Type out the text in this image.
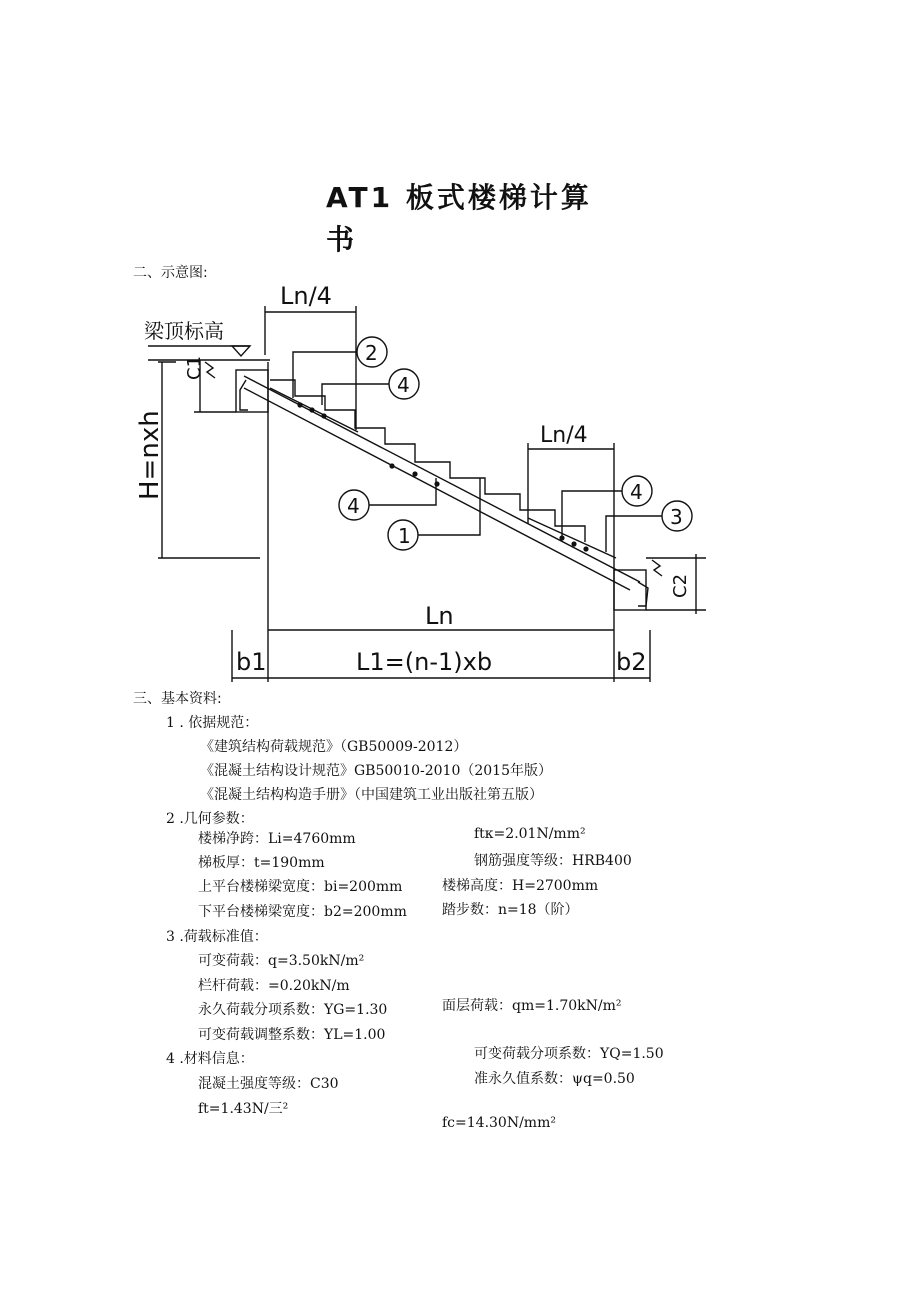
AT1 板式楼梯计算
书
二、示意图:
Ln/4
梁顶标高
C1
H=nxh	Ln/4
C2
Ln
b1	L1=(n-1)xb	b2
2
4
4
1
4
3
三、基本资料:
1 . 依据规范：
《建筑结构荷载规范》（GB50009-2012）
《混凝土结构设计规范》GB50010-2010（2015年版）
《混凝土结构构造手册》（中国建筑工业出版社第五版）
2 .几何参数：
楼梯净跨：Li=4760mm	ftκ=2.01N/mm²
梯板厚：t=190mm	钢筋强度等级：HRB400
上平台楼梯梁宽度：bi=200mm	楼梯高度：H=2700mm
下平台楼梯梁宽度：b2=200mm	踏步数：n=18（阶）
3 .荷载标准值：
可变荷载：q=3.50kN/m²
栏杆荷载：=0.20kN/m
永久荷载分项系数：YG=1.30	面层荷载：qm=1.70kN/m²
可变荷载调整系数：YL=1.00
4 .材料信息：	可变荷载分项系数：YQ=1.50
混凝土强度等级：C30	准永久值系数：ψq=0.50
ft=1.43N/三²
fc=14.30N/mm²
